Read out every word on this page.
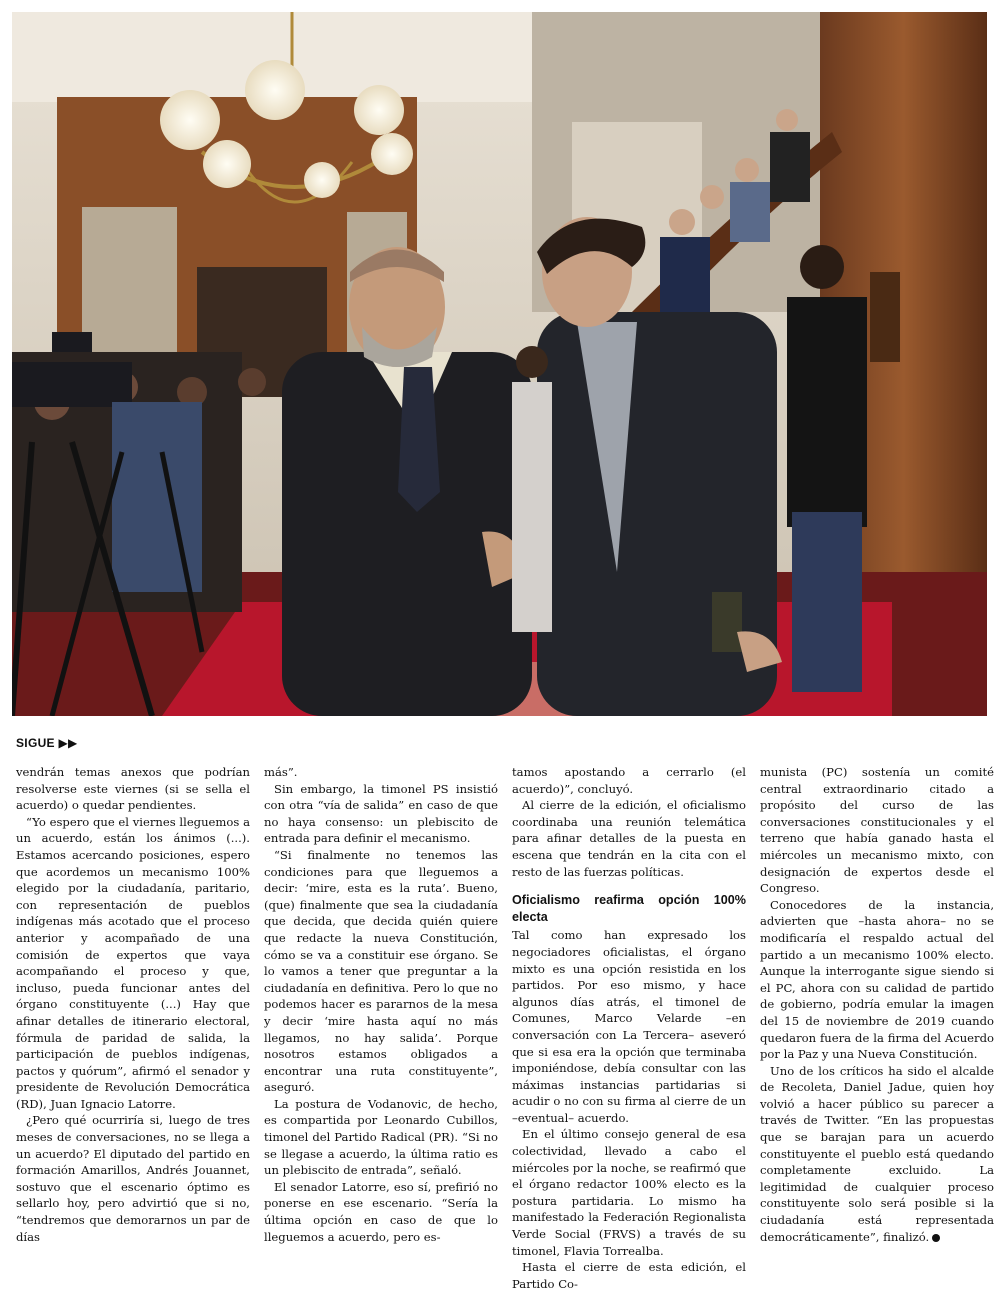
SIGUE ▶▶

vendrán temas anexos que podrían resolverse este viernes (si se sella el acuerdo) o quedar pendientes.

“Yo espero que el viernes lleguemos a un acuerdo, están los ánimos (...). Estamos acercando posiciones, espero que acordemos un mecanismo 100% elegido por la ciudadanía, paritario, con representación de pueblos indígenas más acotado que el proceso anterior y acompañado de una comisión de expertos que vaya acompañando el proceso y que, incluso, pueda funcionar antes del órgano constituyente (...) Hay que afinar detalles de itinerario electoral, fórmula de paridad de salida, la participación de pueblos indígenas, pactos y quórum”, afirmó el senador y presidente de Revolución Democrática (RD), Juan Ignacio Latorre.

¿Pero qué ocurriría si, luego de tres meses de conversaciones, no se llega a un acuerdo? El diputado del partido en formación Amarillos, Andrés Jouannet, sostuvo que el escenario óptimo es sellarlo hoy, pero advirtió que si no, “tendremos que demorarnos un par de días

más”.

Sin embargo, la timonel PS insistió con otra “vía de salida” en caso de que no haya consenso: un plebiscito de entrada para definir el mecanismo.

“Si finalmente no tenemos las condiciones para que lleguemos a decir: ‘mire, esta es la ruta’. Bueno, (que) finalmente que sea la ciudadanía que decida, que decida quién quiere que redacte la nueva Constitución, cómo se va a constituir ese órgano. Se lo vamos a tener que preguntar a la ciudadanía en definitiva. Pero lo que no podemos hacer es pararnos de la mesa y decir ‘mire hasta aquí no más llegamos, no hay salida’. Porque nosotros estamos obligados a encontrar una ruta constituyente”, aseguró.

La postura de Vodanovic, de hecho, es compartida por Leonardo Cubillos, timonel del Partido Radical (PR). “Si no se llegase a acuerdo, la última ratio es un plebiscito de entrada”, señaló.

El senador Latorre, eso sí, prefirió no ponerse en ese escenario. “Sería la última opción en caso de que lo lleguemos a acuerdo, pero es-

tamos apostando a cerrarlo (el acuerdo)”, concluyó.

Al cierre de la edición, el oficialismo coordinaba una reunión telemática para afinar detalles de la puesta en escena que tendrán en la cita con el resto de las fuerzas políticas.

Oficialismo reafirma opción 100% electa

Tal como han expresado los negociadores oficialistas, el órgano mixto es una opción resistida en los partidos. Por eso mismo, y hace algunos días atrás, el timonel de Comunes, Marco Velarde –en conversación con La Tercera– aseveró que si esa era la opción que terminaba imponiéndose, debía consultar con las máximas instancias partidarias si acudir o no con su firma al cierre de un –eventual– acuerdo.

En el último consejo general de esa colectividad, llevado a cabo el miércoles por la noche, se reafirmó que el órgano redactor 100% electo es la postura partidaria. Lo mismo ha manifestado la Federación Regionalista Verde Social (FRVS) a través de su timonel, Flavia Torrealba.

Hasta el cierre de esta edición, el Partido Co-

munista (PC) sostenía un comité central extraordinario citado a propósito del curso de las conversaciones constitucionales y el terreno que había ganado hasta el miércoles un mecanismo mixto, con designación de expertos desde el Congreso.

Conocedores de la instancia, advierten que –hasta ahora– no se modificaría el respaldo actual del partido a un mecanismo 100% electo. Aunque la interrogante sigue siendo si el PC, ahora con su calidad de partido de gobierno, podría emular la imagen del 15 de noviembre de 2019 cuando quedaron fuera de la firma del Acuerdo por la Paz y una Nueva Constitución.

Uno de los críticos ha sido el alcalde de Recoleta, Daniel Jadue, quien hoy volvió a hacer público su parecer a través de Twitter. “En las propuestas que se barajan para un acuerdo constituyente el pueblo está quedando completamente excluido. La legitimidad de cualquier proceso constituyente solo será posible si la ciudadanía está representada democráticamente”, finalizó.
